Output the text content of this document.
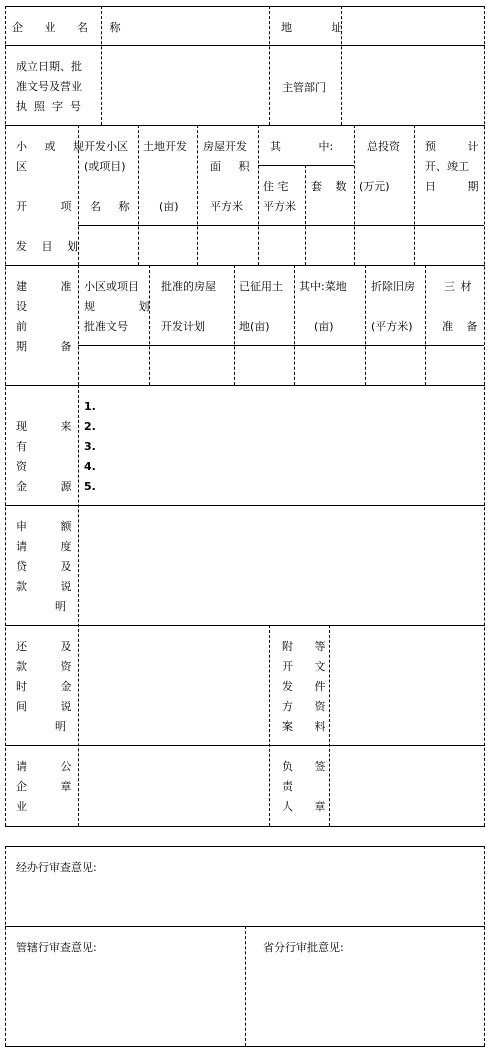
企 业 名 称	地 址
成立日期、批
准文号及营业
执照字号
主管部门
小 或 规
区
开 项
发 目 划
开发小区
(或项目)
名 称
土地开发
(亩)
房屋开发
面 积
平方米
其 中:
住 宅
平方米
套 数
总投资
(万元)
预 计
开、竣工
日 期
建 准
设
前
期 备
小区或项目
规 划
批准文号
批准的房屋
开发计划
已征用土
地(亩)
其中:菜地
(亩)
折除旧房
(平方米)
三 材
准 备
现 来
有
资
金 源
1.
2.
3.
4.
5.
申 额
请 度
贷 及
款 说
明
还 及
款 资
时 金
间 说
明
附 等
开 文
发 件
方 资
案 料
请 公
企 章
业
负 签
责
人 章
经办行审查意见:
管辖行审查意见:	省分行审批意见:
